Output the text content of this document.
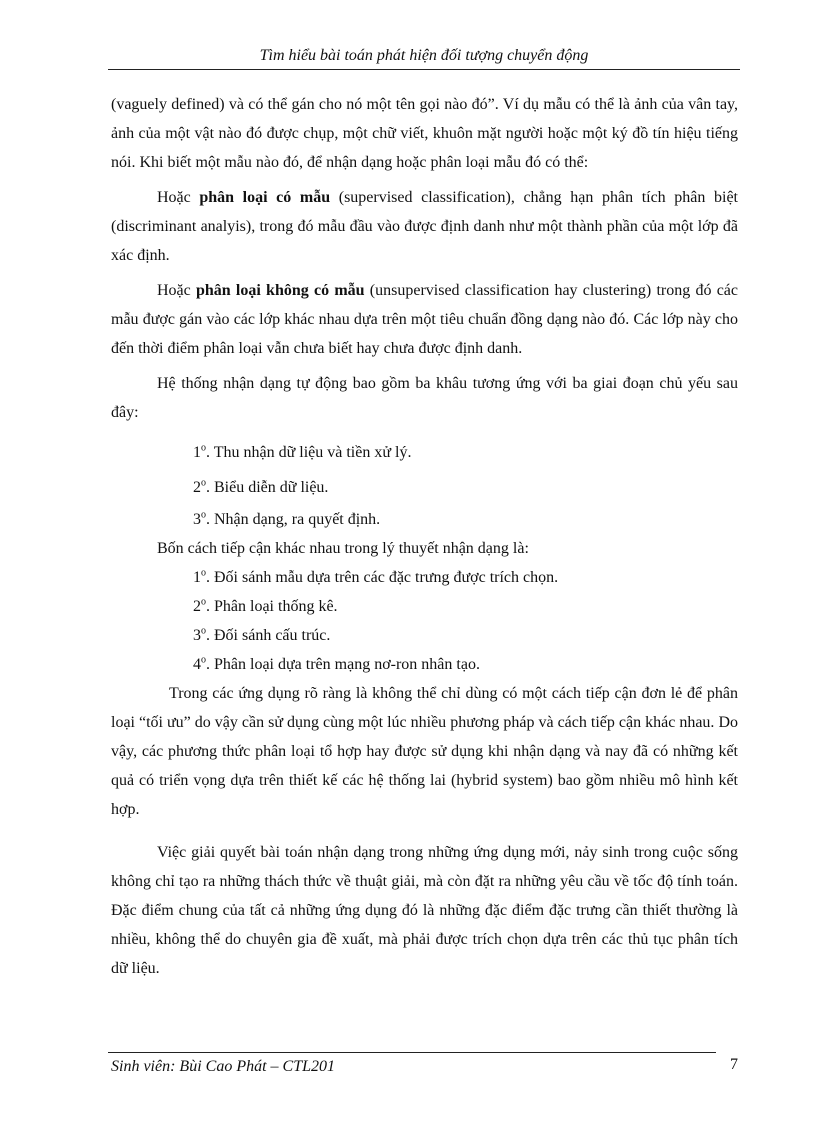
Tìm hiểu bài toán phát hiện đối tượng chuyển động

(vaguely defined) và có thể gán cho nó một tên gọi nào đó”. Ví dụ mẫu có thể là ảnh của vân tay, ảnh của một vật nào đó được chụp, một chữ viết, khuôn mặt người hoặc một ký đồ tín hiệu tiếng nói. Khi biết một mẫu nào đó, để nhận dạng hoặc phân loại mẫu đó có thể:

Hoặc phân loại có mẫu (supervised classification), chẳng hạn phân tích phân biệt (discriminant analyis), trong đó mẫu đầu vào được định danh như một thành phần của một lớp đã xác định.

Hoặc phân loại không có mẫu (unsupervised classification hay clustering) trong đó các mẫu được gán vào các lớp khác nhau dựa trên một tiêu chuẩn đồng dạng nào đó. Các lớp này cho đến thời điểm phân loại vẫn chưa biết hay chưa được định danh.

Hệ thống nhận dạng tự động bao gồm ba khâu tương ứng với ba giai đoạn chủ yếu sau đây:

1$^o$. Thu nhận dữ liệu và tiền xử lý.

2$^o$. Biểu diễn dữ liệu.

3$^o$. Nhận dạng, ra quyết định.

Bốn cách tiếp cận khác nhau trong lý thuyết nhận dạng là:

1$^o$. Đối sánh mẫu dựa trên các đặc trưng được trích chọn.

2$^o$. Phân loại thống kê.

3$^o$. Đối sánh cấu trúc.

4$^o$. Phân loại dựa trên mạng nơ-ron nhân tạo.

Trong các ứng dụng rõ ràng là không thể chỉ dùng có một cách tiếp cận đơn lẻ để phân loại “tối ưu” do vậy cần sử dụng cùng một lúc nhiều phương pháp và cách tiếp cận khác nhau. Do vậy, các phương thức phân loại tổ hợp hay được sử dụng khi nhận dạng và nay đã có những kết quả có triển vọng dựa trên thiết kế các hệ thống lai (hybrid system) bao gồm nhiều mô hình kết hợp.

Việc giải quyết bài toán nhận dạng trong những ứng dụng mới, nảy sinh trong cuộc sống không chỉ tạo ra những thách thức về thuật giải, mà còn đặt ra những yêu cầu về tốc độ tính toán. Đặc điểm chung của tất cả những ứng dụng đó là những đặc điểm đặc trưng cần thiết thường là nhiều, không thể do chuyên gia đề xuất, mà phải được trích chọn dựa trên các thủ tục phân tích dữ liệu.

Sinh viên: Bùi Cao Phát – CTL201	7
